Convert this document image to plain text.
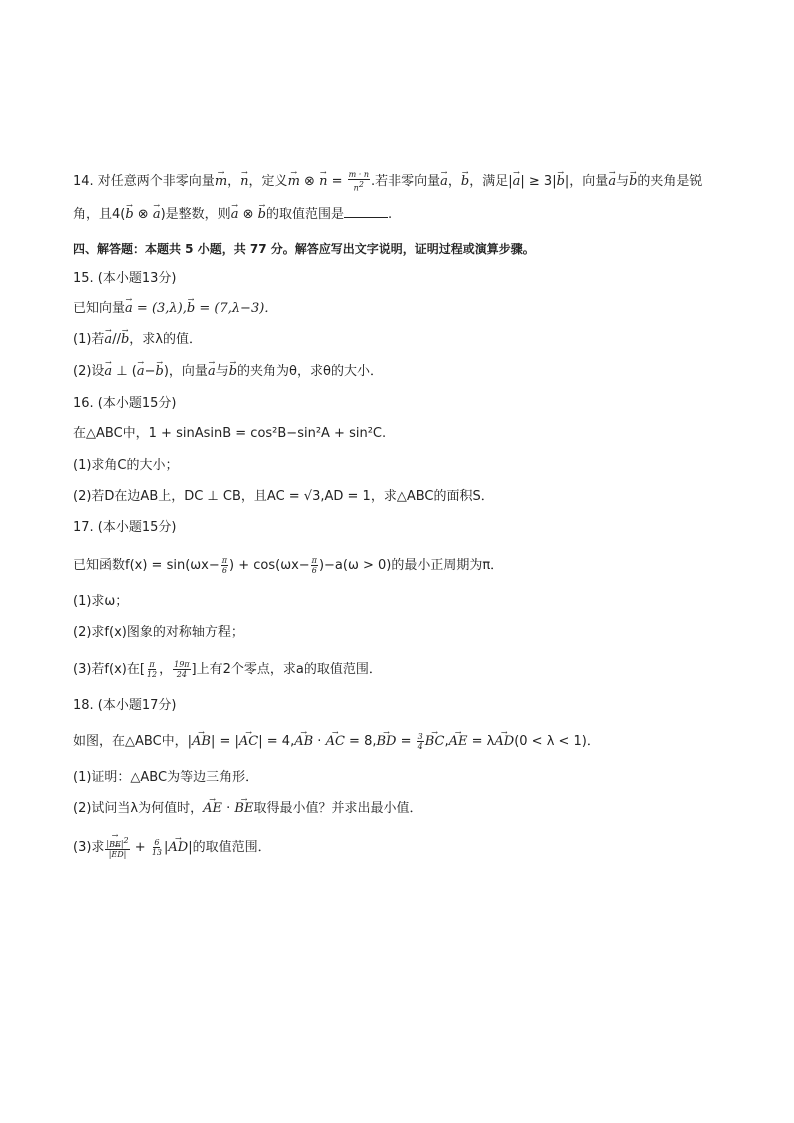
14. 对任意两个非零向量→ m，→ n，定义→ m ⊗ → $n = \frac{m \cdot n}{n2}$ .若非零向量→ a，→ b，满足|→ a| ≥ 3|→ b|，向量→ a与→ b的夹角是锐
角，且4(→ b ⊗ → a)是整数，则→ a ⊗ → b的取值范围是	.
四、解答题：本题共 5 小题，共 77 分。解答应写出文字说明，证明过程或演算步骤。
15. (本小题13分)
已知向量→ a = (3,λ),→ b = (7,λ−3)．
(1)若→ a//→ b，求λ的值．
(2)设→ a ⊥ (→ a−→ b)，向量→ a与→ b的夹角为θ，求θ的大小．
16. (本小题15分)
在△ABC中，1 + sinAsinB = cos²B−sin²A + sin²C.
(1)求角C的大小；
(2)若D在边AB上，DC ⊥ CB，且AC = √3,AD = 1，求△ABC的面积S．
17. (本小题15分)
已知函数$f(x) = \sin(\omega x- \frac{\pi}{6}$ ) + $\cos(\omega x- \frac{\pi}{6} )-a(\omega > 0)$的最小正周期为π．
(1)求ω；
(2)求f(x)图象的对称轴方程；
(3)若f(x)在[ $\frac{\pi}{12}$ ， $\frac{19\pi}{24}$ ]上有2个零点，求a的取值范围．
18. (本小题17分)
如图，在△ABC中，|→ AB| = |→ AC| = 4,→ AB · → AC = 8,→ BD = $\frac{3}{4}$
→ BC,→ AE = λ→ AD(0 < λ < 1)．
(1)证明：△ABC为等边三角形．
(2)试问当λ为何值时，→ AE · → BE取得最小值？并求出最小值．
(3)求 $\frac{|\to BE|2}{|\to ED|} + \frac{6}{13}$ |→ AD|的取值范围．
